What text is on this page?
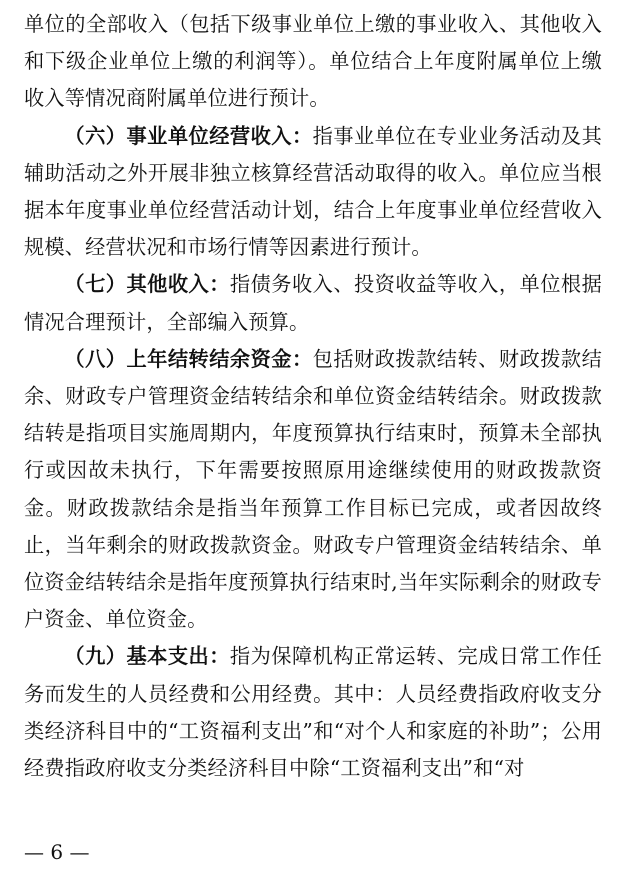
单位的全部收入（包括下级事业单位上缴的事业收入、其他收入和下级企业单位上缴的利润等）。单位结合上年度附属单位上缴收入等情况商附属单位进行预计。

（六）事业单位经营收入：指事业单位在专业业务活动及其辅助活动之外开展非独立核算经营活动取得的收入。单位应当根据本年度事业单位经营活动计划，结合上年度事业单位经营收入规模、经营状况和市场行情等因素进行预计。

（七）其他收入：指债务收入、投资收益等收入，单位根据情况合理预计，全部编入预算。

（八）上年结转结余资金：包括财政拨款结转、财政拨款结余、财政专户管理资金结转结余和单位资金结转结余。财政拨款结转是指项目实施周期内，年度预算执行结束时，预算未全部执行或因故未执行，下年需要按照原用途继续使用的财政拨款资金。财政拨款结余是指当年预算工作目标已完成，或者因故终止，当年剩余的财政拨款资金。财政专户管理资金结转结余、单位资金结转结余是指年度预算执行结束时,当年实际剩余的财政专户资金、单位资金。

（九）基本支出：指为保障机构正常运转、完成日常工作任务而发生的人员经费和公用经费。其中：人员经费指政府收支分类经济科目中的“工资福利支出”和“对个人和家庭的补助”；公用经费指政府收支分类经济科目中除“工资福利支出”和“对

— 6 —
